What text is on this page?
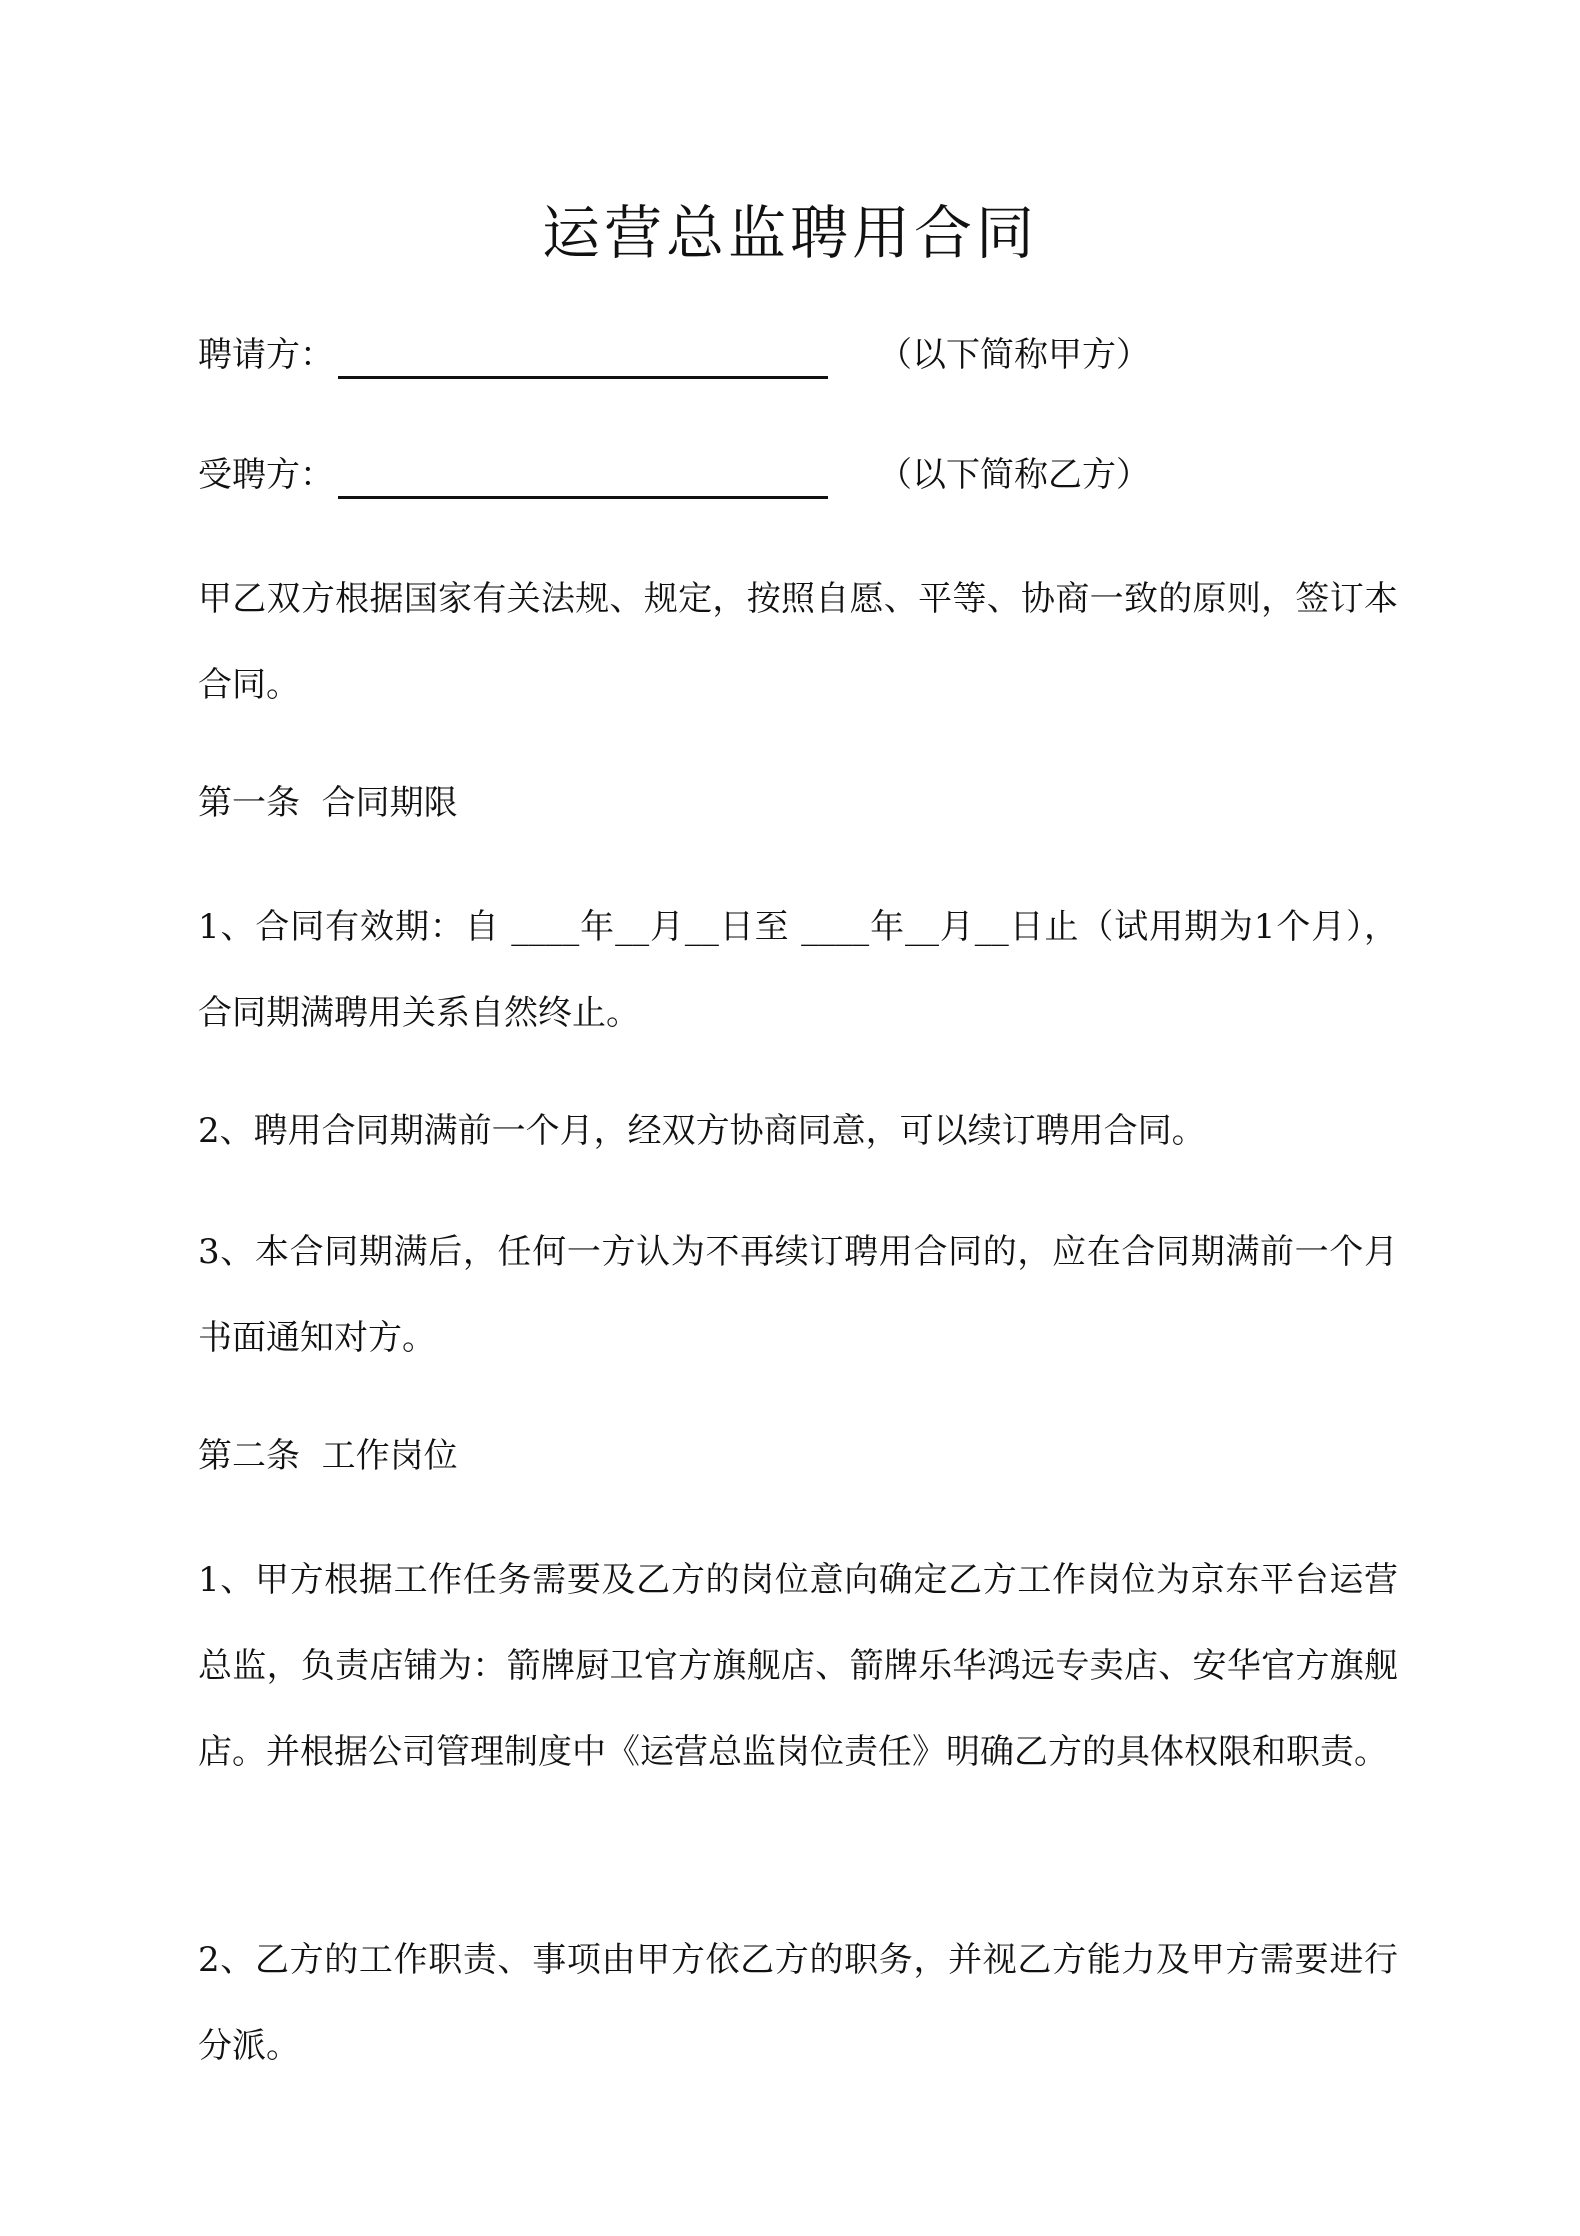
运营总监聘用合同
聘请方：	（以下简称甲方）
受聘方：	（以下简称乙方）

甲乙双方根据国家有关法规、规定，按照自愿、平等、协商一致的原则，签订本合同。

第一条  合同期限

1、合同有效期：自 ____年__月__日至 ____年__月__日止（试用期为1个月），合同期满聘用关系自然终止。

2、聘用合同期满前一个月，经双方协商同意，可以续订聘用合同。

3、本合同期满后，任何一方认为不再续订聘用合同的，应在合同期满前一个月书面通知对方。

第二条  工作岗位

1、甲方根据工作任务需要及乙方的岗位意向确定乙方工作岗位为京东平台运营总监，负责店铺为：箭牌厨卫官方旗舰店、箭牌乐华鸿远专卖店、安华官方旗舰店。并根据公司管理制度中《运营总监岗位责任》明确乙方的具体权限和职责。

2、乙方的工作职责、事项由甲方依乙方的职务，并视乙方能力及甲方需要进行分派。
